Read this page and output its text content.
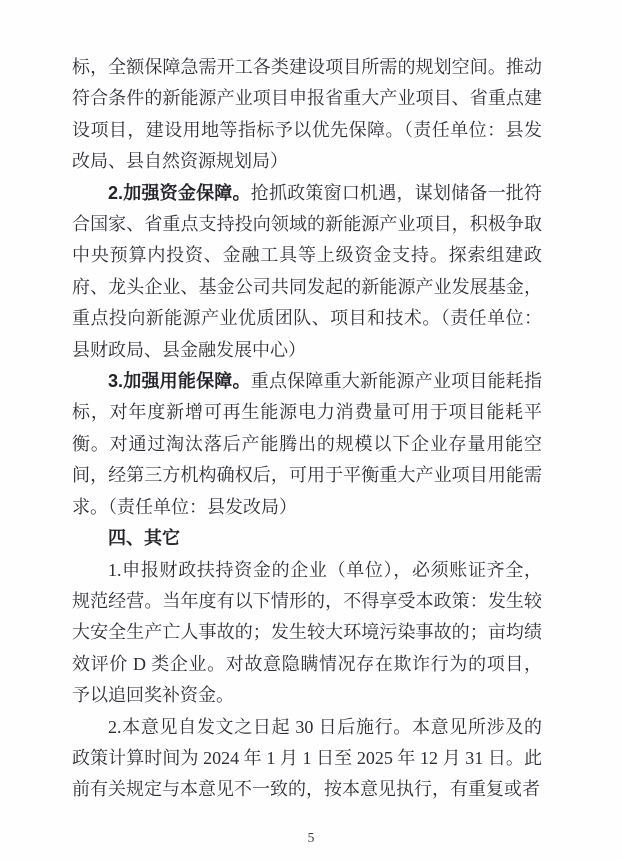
标，全额保障急需开工各类建设项目所需的规划空间。推动符合条件的新能源产业项目申报省重大产业项目、省重点建设项目，建设用地等指标予以优先保障。（责任单位：县发改局、县自然资源规划局）

2.加强资金保障。抢抓政策窗口机遇，谋划储备一批符合国家、省重点支持投向领域的新能源产业项目，积极争取中央预算内投资、金融工具等上级资金支持。探索组建政府、龙头企业、基金公司共同发起的新能源产业发展基金，重点投向新能源产业优质团队、项目和技术。（责任单位：县财政局、县金融发展中心）

3.加强用能保障。重点保障重大新能源产业项目能耗指标，对年度新增可再生能源电力消费量可用于项目能耗平衡。对通过淘汰落后产能腾出的规模以下企业存量用能空间，经第三方机构确权后，可用于平衡重大产业项目用能需求。（责任单位：县发改局）

四、其它

1.申报财政扶持资金的企业（单位），必须账证齐全，规范经营。当年度有以下情形的，不得享受本政策：发生较大安全生产亡人事故的；发生较大环境污染事故的；亩均绩效评价 D 类企业。对故意隐瞒情况存在欺诈行为的项目，予以追回奖补资金。

2.本意见自发文之日起 30 日后施行。本意见所涉及的政策计算时间为 2024 年 1 月 1 日至 2025 年 12 月 31 日。此前有关规定与本意见不一致的，按本意见执行，有重复或者

5
